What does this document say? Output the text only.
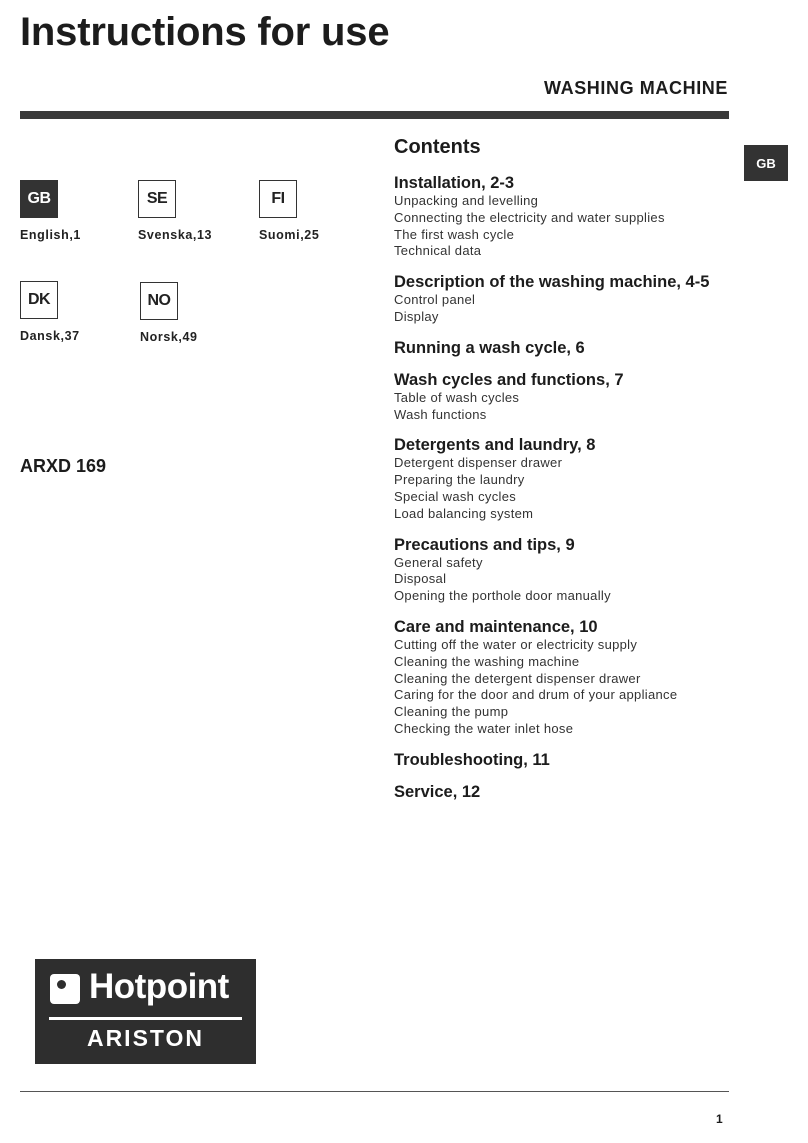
Instructions for use
WASHING MACHINE
GB
GB
English,1
SE
Svenska,13
FI
Suomi,25
DK
Dansk,37
NO
Norsk,49
ARXD 169
Contents
Installation, 2-3
Unpacking and levelling
Connecting the electricity and water supplies
The first wash cycle
Technical data
Description of the washing machine, 4-5
Control panel
Display
Running a wash cycle, 6
Wash cycles and functions, 7
Table of wash cycles
Wash functions
Detergents and laundry, 8
Detergent dispenser drawer
Preparing the laundry
Special wash cycles
Load balancing system
Precautions and tips, 9
General safety
Disposal
Opening the porthole door manually
Care and maintenance, 10
Cutting off the water or electricity supply
Cleaning the washing machine
Cleaning the detergent dispenser drawer
Caring for the door and drum of your appliance
Cleaning the pump
Checking the water inlet hose
Troubleshooting, 11
Service, 12
Hotpoint
ARISTON
1
